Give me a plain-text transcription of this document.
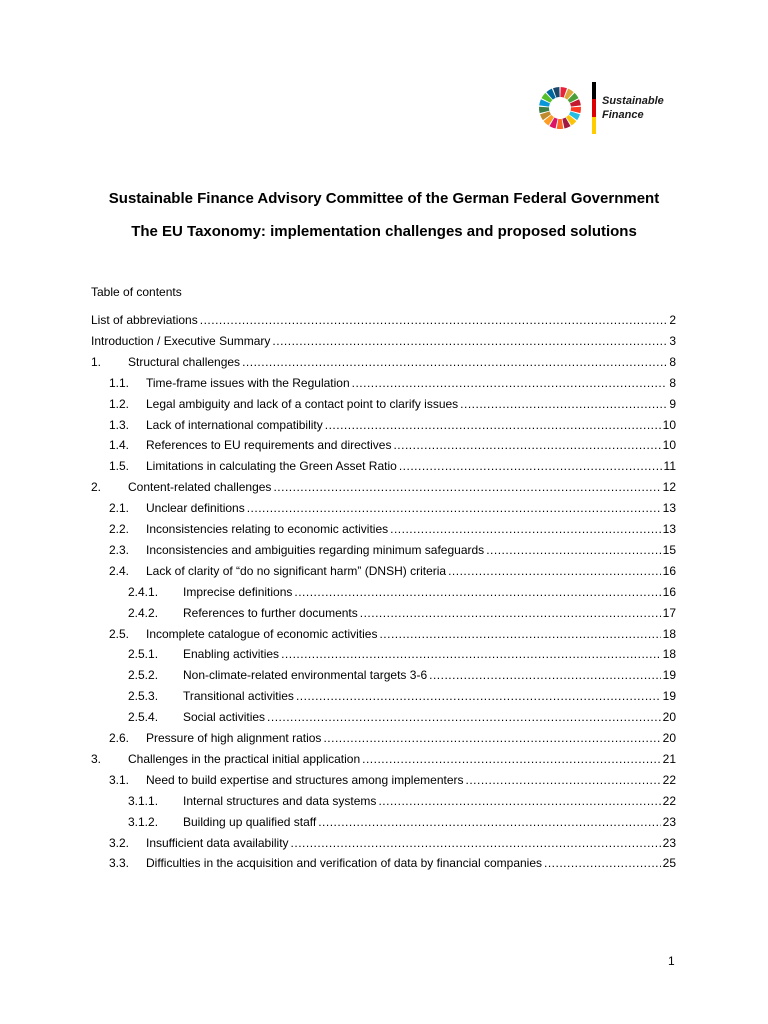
Sustainable
Finance
Sustainable Finance Advisory Committee of the German Federal Government
The EU Taxonomy: implementation challenges and proposed solutions
Table of contents
List of abbreviations .....	2
Introduction / Executive Summary .....	3
1.	Structural challenges .....	8
1.1.	Time-frame issues with the Regulation .....	8
1.2.	Legal ambiguity and lack of a contact point to clarify issues .....	9
1.3.	Lack of international compatibility .....	10
1.4.	References to EU requirements and directives .....	10
1.5.	Limitations in calculating the Green Asset Ratio .....	11
2.	Content-related challenges .....	12
2.1.	Unclear definitions .....	13
2.2.	Inconsistencies relating to economic activities .....	13
2.3.	Inconsistencies and ambiguities regarding minimum safeguards .....	15
2.4.	Lack of clarity of “do no significant harm” (DNSH) criteria .....	16
2.4.1.	Imprecise definitions .....	16
2.4.2.	References to further documents .....	17
2.5.	Incomplete catalogue of economic activities .....	18
2.5.1.	Enabling activities .....	18
2.5.2.	Non-climate-related environmental targets 3-6 .....	19
2.5.3.	Transitional activities .....	19
2.5.4.	Social activities .....	20
2.6.	Pressure of high alignment ratios .....	20
3.	Challenges in the practical initial application .....	21
3.1.	Need to build expertise and structures among implementers .....	22
3.1.1.	Internal structures and data systems .....	22
3.1.2.	Building up qualified staff .....	23
3.2.	Insufficient data availability .....	23
3.3.	Difficulties in the acquisition and verification of data by financial companies .....	25
1
